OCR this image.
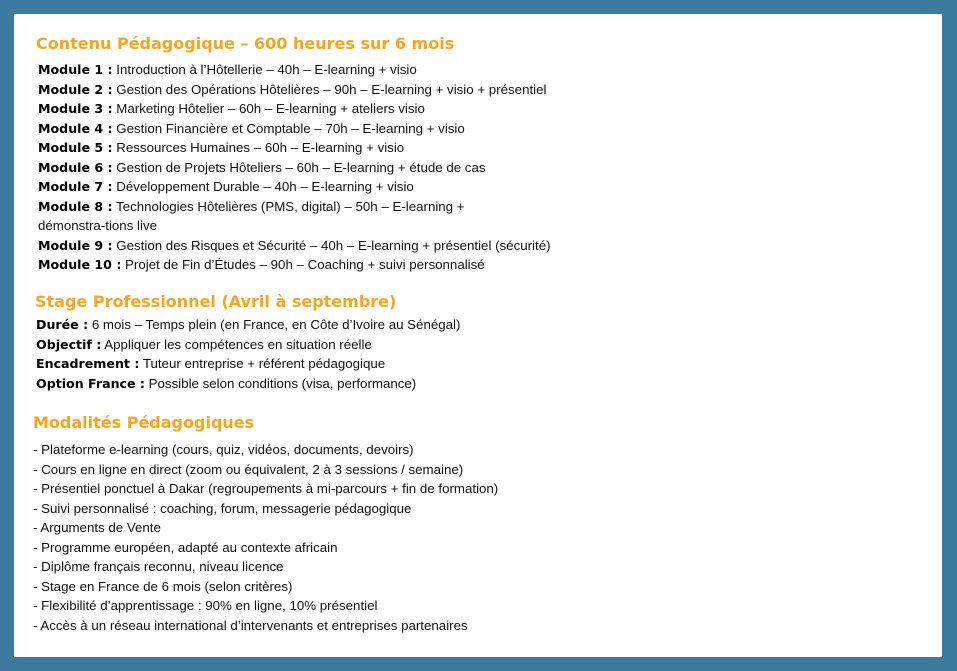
Contenu Pédagogique – 600 heures sur 6 mois
Module 1 : Introduction à l’Hôtellerie – 40h – E-learning + visio
Module 2 : Gestion des Opérations Hôtelières – 90h – E-learning + visio + présentiel
Module 3 : Marketing Hôtelier – 60h – E-learning + ateliers visio
Module 4 : Gestion Financière et Comptable – 70h – E-learning + visio
Module 5 : Ressources Humaines – 60h – E-learning + visio
Module 6 : Gestion de Projets Hôteliers – 60h – E-learning + étude de cas
Module 7 : Développement Durable – 40h – E-learning + visio
Module 8 : Technologies Hôtelières (PMS, digital) – 50h – E-learning + démonstra-tions live
Module 9 : Gestion des Risques et Sécurité – 40h – E-learning + présentiel (sécurité)
Module 10 : Projet de Fin d’Études – 90h – Coaching + suivi personnalisé
Stage Professionnel (Avril à septembre)
Durée : 6 mois – Temps plein (en France, en Côte d’Ivoire au Sénégal)
Objectif : Appliquer les compétences en situation réelle
Encadrement : Tuteur entreprise + référent pédagogique
Option France : Possible selon conditions (visa, performance)
Modalités Pédagogiques
- Plateforme e-learning (cours, quiz, vidéos, documents, devoirs)
- Cours en ligne en direct (zoom ou équivalent, 2 à 3 sessions / semaine)
- Présentiel ponctuel à Dakar (regroupements à mi-parcours + fin de formation)
- Suivi personnalisé : coaching, forum, messagerie pédagogique
- Arguments de Vente
- Programme européen, adapté au contexte africain
- Diplôme français reconnu, niveau licence
- Stage en France de 6 mois (selon critères)
- Flexibilité d’apprentissage : 90% en ligne, 10% présentiel
- Accès à un réseau international d’intervenants et entreprises partenaires
